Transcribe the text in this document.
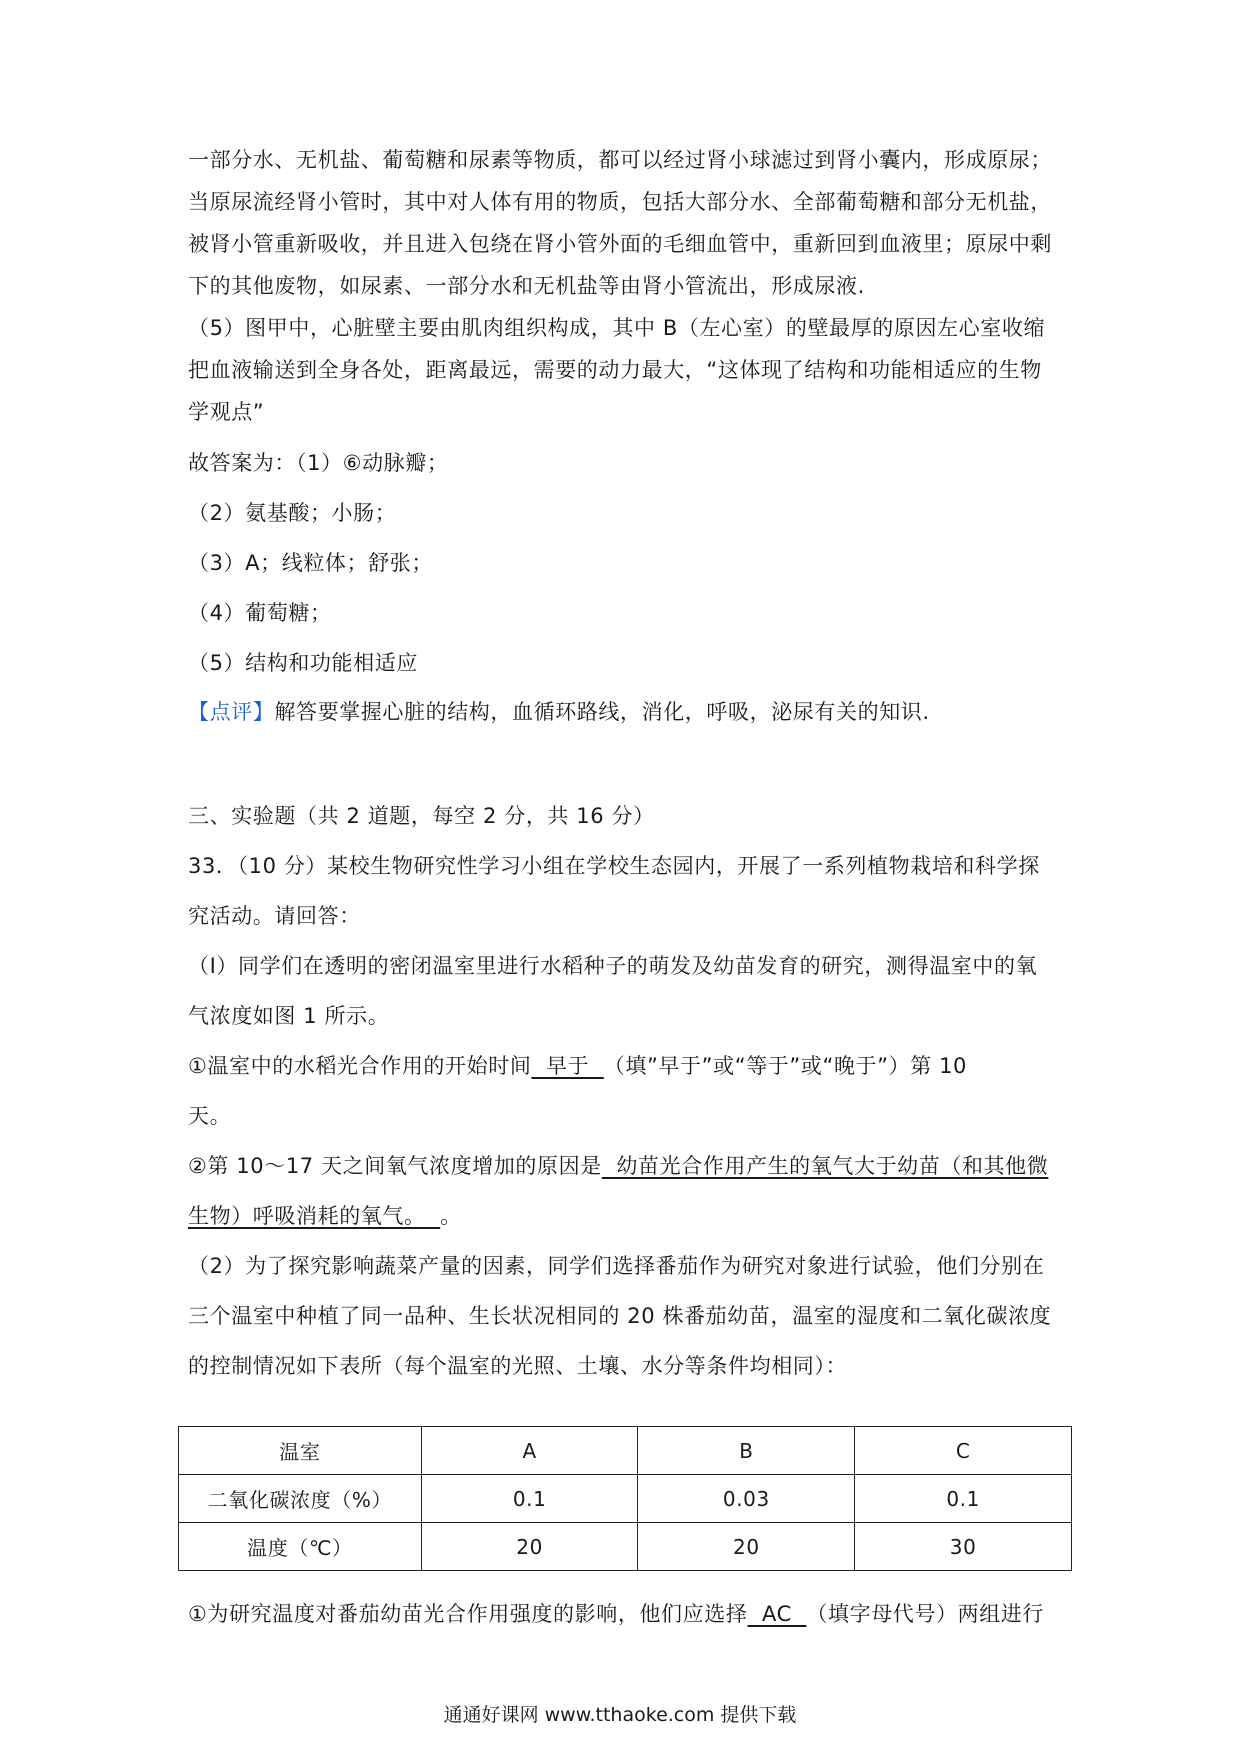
一部分水、无机盐、葡萄糖和尿素等物质，都可以经过肾小球滤过到肾小囊内，形成原尿；
当原尿流经肾小管时，其中对人体有用的物质，包括大部分水、全部葡萄糖和部分无机盐，
被肾小管重新吸收，并且进入包绕在肾小管外面的毛细血管中，重新回到血液里；原尿中剩
下的其他废物，如尿素、一部分水和无机盐等由肾小管流出，形成尿液.
（5）图甲中，心脏壁主要由肌肉组织构成，其中 B（左心室）的壁最厚的原因左心室收缩
把血液输送到全身各处，距离最远，需要的动力最大，“这体现了结构和功能相适应的生物
学观点”
故答案为：（1）⑥动脉瓣；
（2）氨基酸；小肠；
（3）A；线粒体；舒张；
（4）葡萄糖；
（5）结构和功能相适应
【点评】解答要掌握心脏的结构，血循环路线，消化，呼吸，泌尿有关的知识.
三、实验题（共 2 道题，每空 2 分，共 16 分）
33．（10 分）某校生物研究性学习小组在学校生态园内，开展了一系列植物栽培和科学探
究活动。请回答：
（Ⅰ）同学们在透明的密闭温室里进行水稻种子的萌发及幼苗发育的研究，测得温室中的氧
气浓度如图 1 所示。
①温室中的水稻光合作用的开始时间  早于  （填”早于”或“等于”或“晚于”）第 10
天。
②第 10～17 天之间氧气浓度增加的原因是  幼苗光合作用产生的氧气大于幼苗（和其他微
生物）呼吸消耗的氧气。  。
（2）为了探究影响蔬菜产量的因素，同学们选择番茄作为研究对象进行试验，他们分别在
三个温室中种植了同一品种、生长状况相同的 20 株番茄幼苗，温室的湿度和二氧化碳浓度
的控制情况如下表所（每个温室的光照、土壤、水分等条件均相同）：
温室	A	B	C
二氧化碳浓度（%）	0.1	0.03	0.1
温度（℃）	20	20	30
①为研究温度对番茄幼苗光合作用强度的影响，他们应选择  AC  （填字母代号）两组进行
通通好课网 www.tthaoke.com 提供下载
